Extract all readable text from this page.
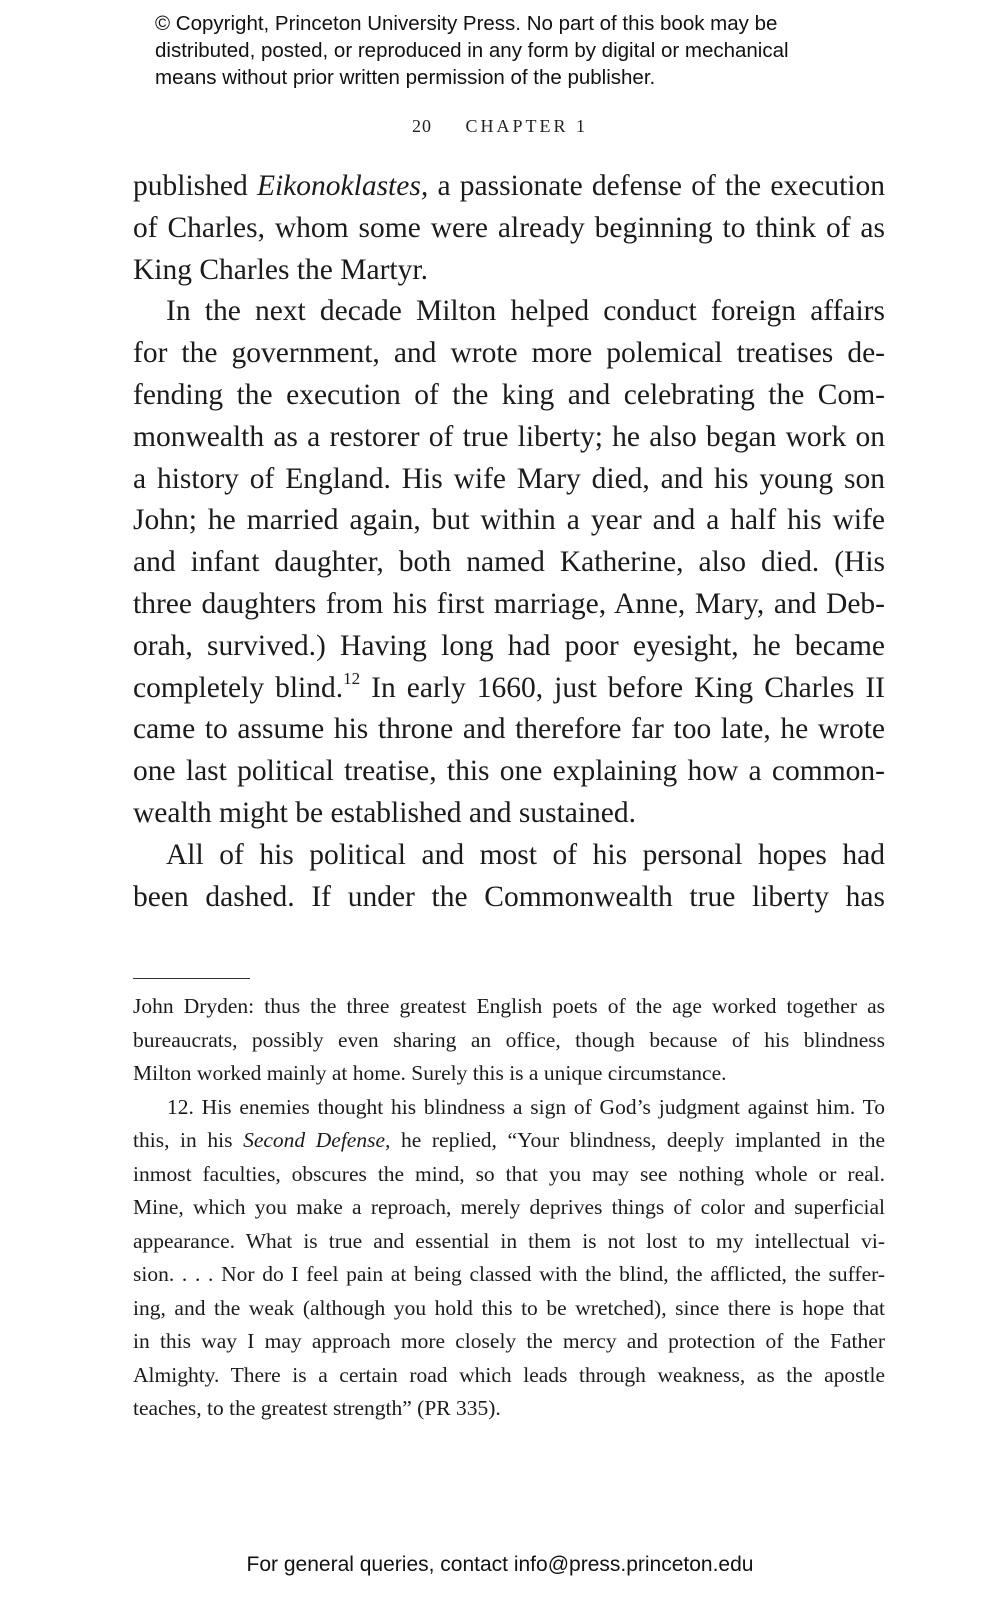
© Copyright, Princeton University Press. No part of this book may be
distributed, posted, or reproduced in any form by digital or mechanical
means without prior written permission of the publisher.
20 CHAPTER 1
published Eikonoklastes, a passionate defense of the execution
of Charles, whom some were already beginning to think of as
King Charles the Martyr.
In the next decade Milton helped conduct foreign affairs
for the government, and wrote more polemical treatises de-
fending the execution of the king and celebrating the Com-
monwealth as a restorer of true liberty; he also began work on
a history of England. His wife Mary died, and his young son
John; he married again, but within a year and a half his wife
and infant daughter, both named Katherine, also died. (His
three daughters from his first marriage, Anne, Mary, and Deb-
orah, survived.) Having long had poor eyesight, he became
completely blind.$^{12}$ In early 1660, just before King Charles II
came to assume his throne and therefore far too late, he wrote
one last political treatise, this one explaining how a common-
wealth might be established and sustained.
All of his political and most of his personal hopes had
been dashed. If under the Commonwealth true liberty has
John Dryden: thus the three greatest English poets of the age worked together as
bureaucrats, possibly even sharing an office, though because of his blindness
Milton worked mainly at home. Surely this is a unique circumstance.
12. His enemies thought his blindness a sign of God’s judgment against him. To
this, in his Second Defense, he replied, “Your blindness, deeply implanted in the
inmost faculties, obscures the mind, so that you may see nothing whole or real.
Mine, which you make a reproach, merely deprives things of color and superficial
appearance. What is true and essential in them is not lost to my intellectual vi-
sion. . . . Nor do I feel pain at being classed with the blind, the afflicted, the suffer-
ing, and the weak (although you hold this to be wretched), since there is hope that
in this way I may approach more closely the mercy and protection of the Father
Almighty. There is a certain road which leads through weakness, as the apostle
teaches, to the greatest strength” (PR 335).
For general queries, contact info@press.princeton.edu
